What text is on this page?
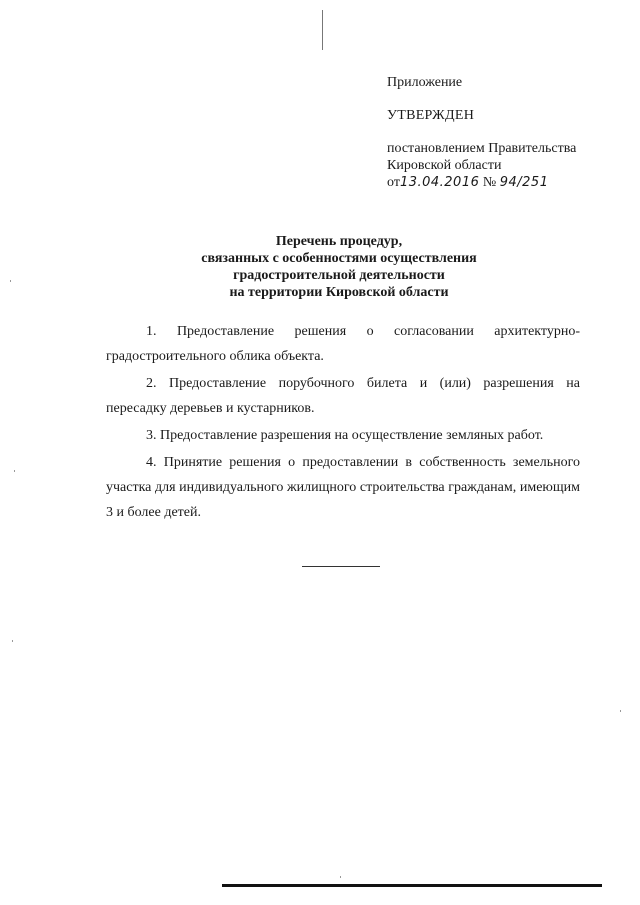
Приложение

УТВЕРЖДЕН

постановлением Правительства

Кировской области

от13.04.2016 № 94/251

Перечень процедур,
связанных с особенностями осуществления
градостроительной деятельности
на территории Кировской области

1. Предоставление решения о согласовании архитектурно-градостроительного облика объекта.

2. Предоставление порубочного билета и (или) разрешения на пересадку деревьев и кустарников.

3. Предоставление разрешения на осуществление земляных работ.

4. Принятие решения о предоставлении в собственность земельного участка для индивидуального жилищного строительства гражданам, имеющим 3 и более детей.
